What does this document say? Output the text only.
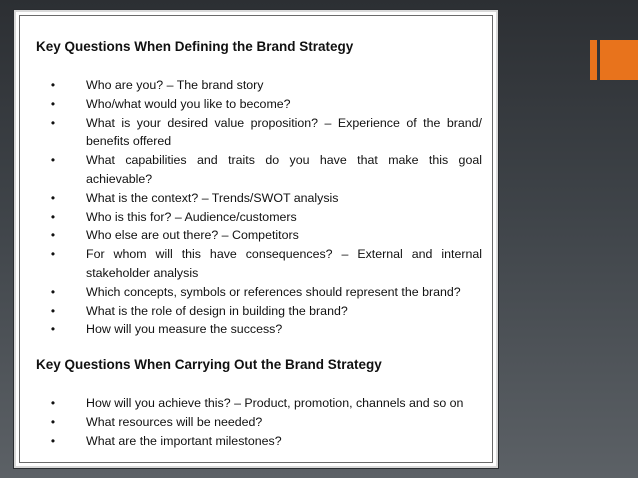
Key Questions When Defining the Brand Strategy
•	Who are you? – The brand story
•	Who/what would you like to become?
•	What is your desired value proposition? – Experience of the brand/ benefits offered
•	What capabilities and traits do you have that make this goal achievable?
•	What is the context? – Trends/SWOT analysis
•	Who is this for? – Audience/customers
•	Who else are out there? – Competitors
•	For whom will this have consequences? – External and internal stakeholder analysis
•	Which concepts, symbols or references should represent the brand?
•	What is the role of design in building the brand?
•	How will you measure the success?
Key Questions When Carrying Out the Brand Strategy
•	How will you achieve this? – Product, promotion, channels and so on
•	What resources will be needed?
•	What are the important milestones?
